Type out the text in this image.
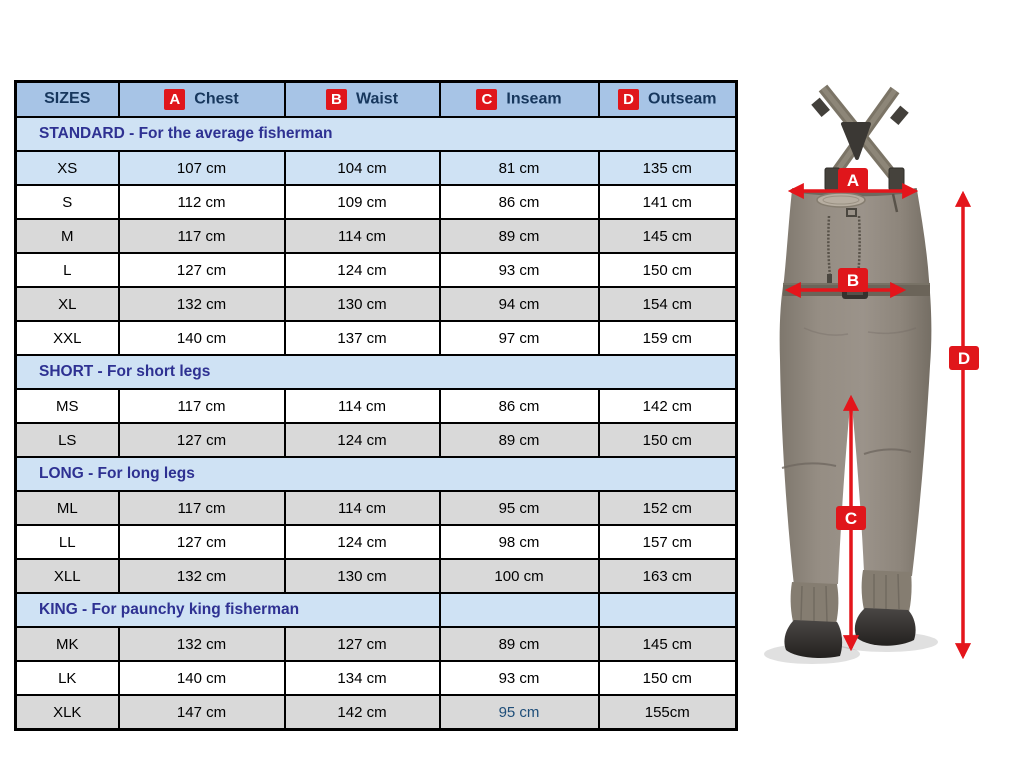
SIZES	A Chest	B Waist	C Inseam	D Outseam
STANDARD - For the average fisherman				
XS	107 cm	104 cm	81 cm	135 cm
S	112 cm	109 cm	86 cm	141 cm
M	117 cm	114 cm	89 cm	145 cm
L	127 cm	124 cm	93 cm	150 cm
XL	132 cm	130 cm	94 cm	154 cm
XXL	140 cm	137 cm	97 cm	159 cm
SHORT - For short legs				
MS	117 cm	114 cm	86 cm	142 cm
LS	127 cm	124 cm	89 cm	150 cm
LONG - For long legs				
ML	117 cm	114 cm	95 cm	152 cm
LL	127 cm	124 cm	98 cm	157 cm
XLL	132 cm	130 cm	100 cm	163 cm
KING - For paunchy king fisherman				
MK	132 cm	127 cm	89 cm	145 cm
LK	140 cm	134 cm	93 cm	150 cm
XLK	147 cm	142 cm	95 cm	155cm
A
B
C
D
